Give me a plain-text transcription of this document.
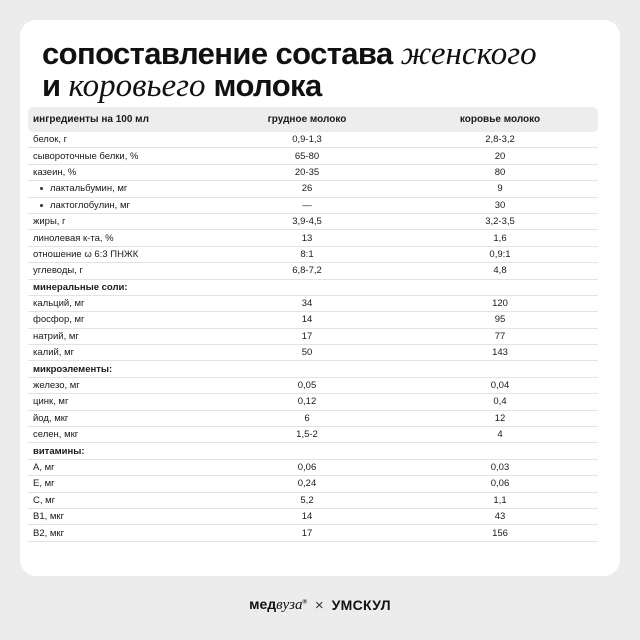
сопоставление состава женского
и коровьего молока
ингредиенты на 100 мл	грудное молоко	коровье молоко
белок, г	0,9-1,3	2,8-3,2
сывороточные белки, %	65-80	20
казеин, %	20-35	80
лактальбумин, мг	26	9
лактоглобулин, мг	—	30
жиры, г	3,9-4,5	3,2-3,5
линолевая к-та, %	13	1,6
отношение ω 6:3 ПНЖК	8:1	0,9:1
углеводы, г	6,8-7,2	4,8
минеральные соли:
кальций, мг	34	120
фосфор, мг	14	95
натрий, мг	17	77
калий, мг	50	143
микроэлементы:
железо, мг	0,05	0,04
цинк, мг	0,12	0,4
йод, мкг	6	12
селен, мкг	1,5-2	4
витамины:
А, мг	0,06	0,03
Е, мг	0,24	0,06
С, мг	5,2	1,1
В1, мкг	14	43
В2, мкг	17	156
медвуза® × УМСКУЛ
